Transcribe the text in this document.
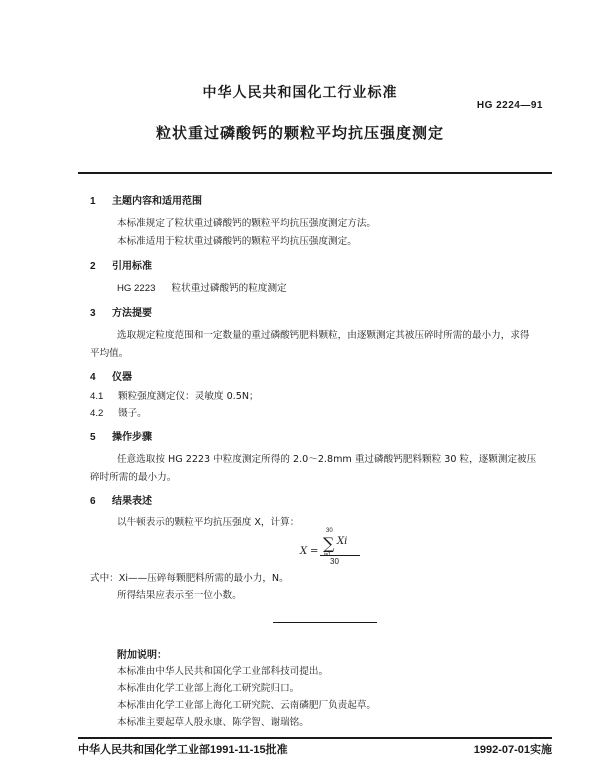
中华人民共和国化工行业标准
HG 2224—91
粒状重过磷酸钙的颗粒平均抗压强度测定
1 主题内容和适用范围
本标准规定了粒状重过磷酸钙的颗粒平均抗压强度测定方法。
本标准适用于粒状重过磷酸钙的颗粒平均抗压强度测定。
2 引用标准
HG 2223 粒状重过磷酸钙的粒度测定
3 方法提要
选取规定粒度范围和一定数量的重过磷酸钙肥料颗粒，由逐颗测定其被压碎时所需的最小力，求得
平均值。
4 仪器
4.1 颗粒强度测定仪：灵敏度 0.5N；
4.2 镊子。
5 操作步骤
任意选取按 HG 2223 中粒度测定所得的 2.0～2.8mm 重过磷酸钙肥料颗粒 30 粒，逐颗测定被压
碎时所需的最小力。
6 结果表述
以牛顿表示的颗粒平均抗压强度 X，计算：
30
∑ Xi
X =
30
式中：Xi——压碎每颗肥料所需的最小力，N。
所得结果应表示至一位小数。
附加说明：
本标准由中华人民共和国化学工业部科技司提出。
本标准由化学工业部上海化工研究院归口。
本标准由化学工业部上海化工研究院、云南磷肥厂负责起草。
本标准主要起草人殷永康、陈学智、谢瑞铭。
中华人民共和国化学工业部1991-11-15批准	1992-07-01实施
